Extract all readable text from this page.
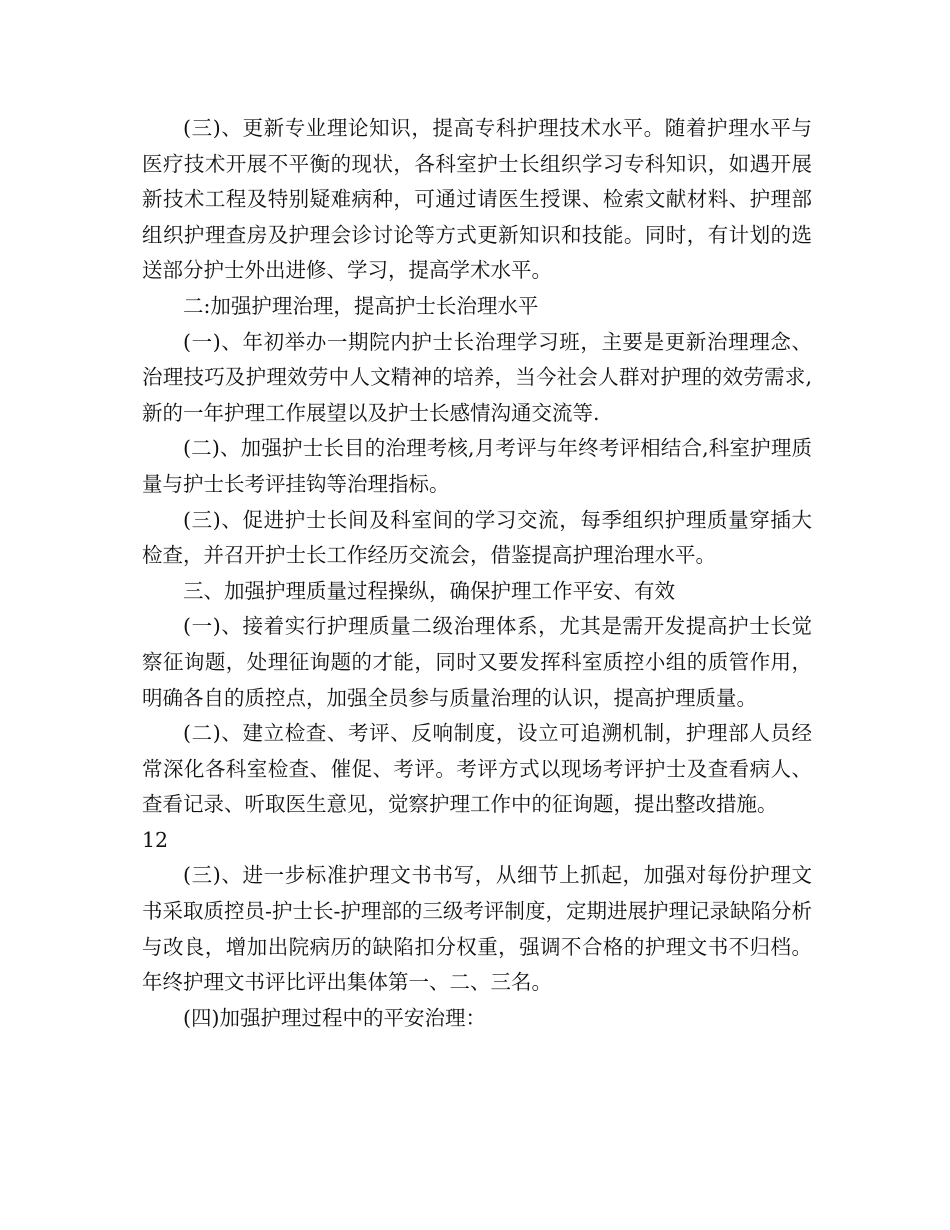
(三)、更新专业理论知识，提高专科护理技术水平。随着护理水平与医疗技术开展不平衡的现状，各科室护士长组织学习专科知识，如遇开展新技术工程及特别疑难病种，可通过请医生授课、检索文献材料、护理部组织护理查房及护理会诊讨论等方式更新知识和技能。同时，有计划的选送部分护士外出进修、学习，提高学术水平。

二:加强护理治理，提高护士长治理水平

(一)、年初举办一期院内护士长治理学习班，主要是更新治理理念、治理技巧及护理效劳中人文精神的培养，当今社会人群对护理的效劳需求,新的一年护理工作展望以及护士长感情沟通交流等.

(二)、加强护士长目的治理考核,月考评与年终考评相结合,科室护理质量与护士长考评挂钩等治理指标。

(三)、促进护士长间及科室间的学习交流，每季组织护理质量穿插大检查，并召开护士长工作经历交流会，借鉴提高护理治理水平。

三、加强护理质量过程操纵，确保护理工作平安、有效

(一)、接着实行护理质量二级治理体系，尤其是需开发提高护士长觉察征询题，处理征询题的才能，同时又要发挥科室质控小组的质管作用，明确各自的质控点，加强全员参与质量治理的认识，提高护理质量。

(二)、建立检查、考评、反响制度，设立可追溯机制，护理部人员经常深化各科室检查、催促、考评。考评方式以现场考评护士及查看病人、查看记录、听取医生意见，觉察护理工作中的征询题，提出整改措施。

12

(三)、进一步标准护理文书书写，从细节上抓起，加强对每份护理文书采取质控员-护士长-护理部的三级考评制度，定期进展护理记录缺陷分析与改良，增加出院病历的缺陷扣分权重，强调不合格的护理文书不归档。年终护理文书评比评出集体第一、二、三名。

(四)加强护理过程中的平安治理：
